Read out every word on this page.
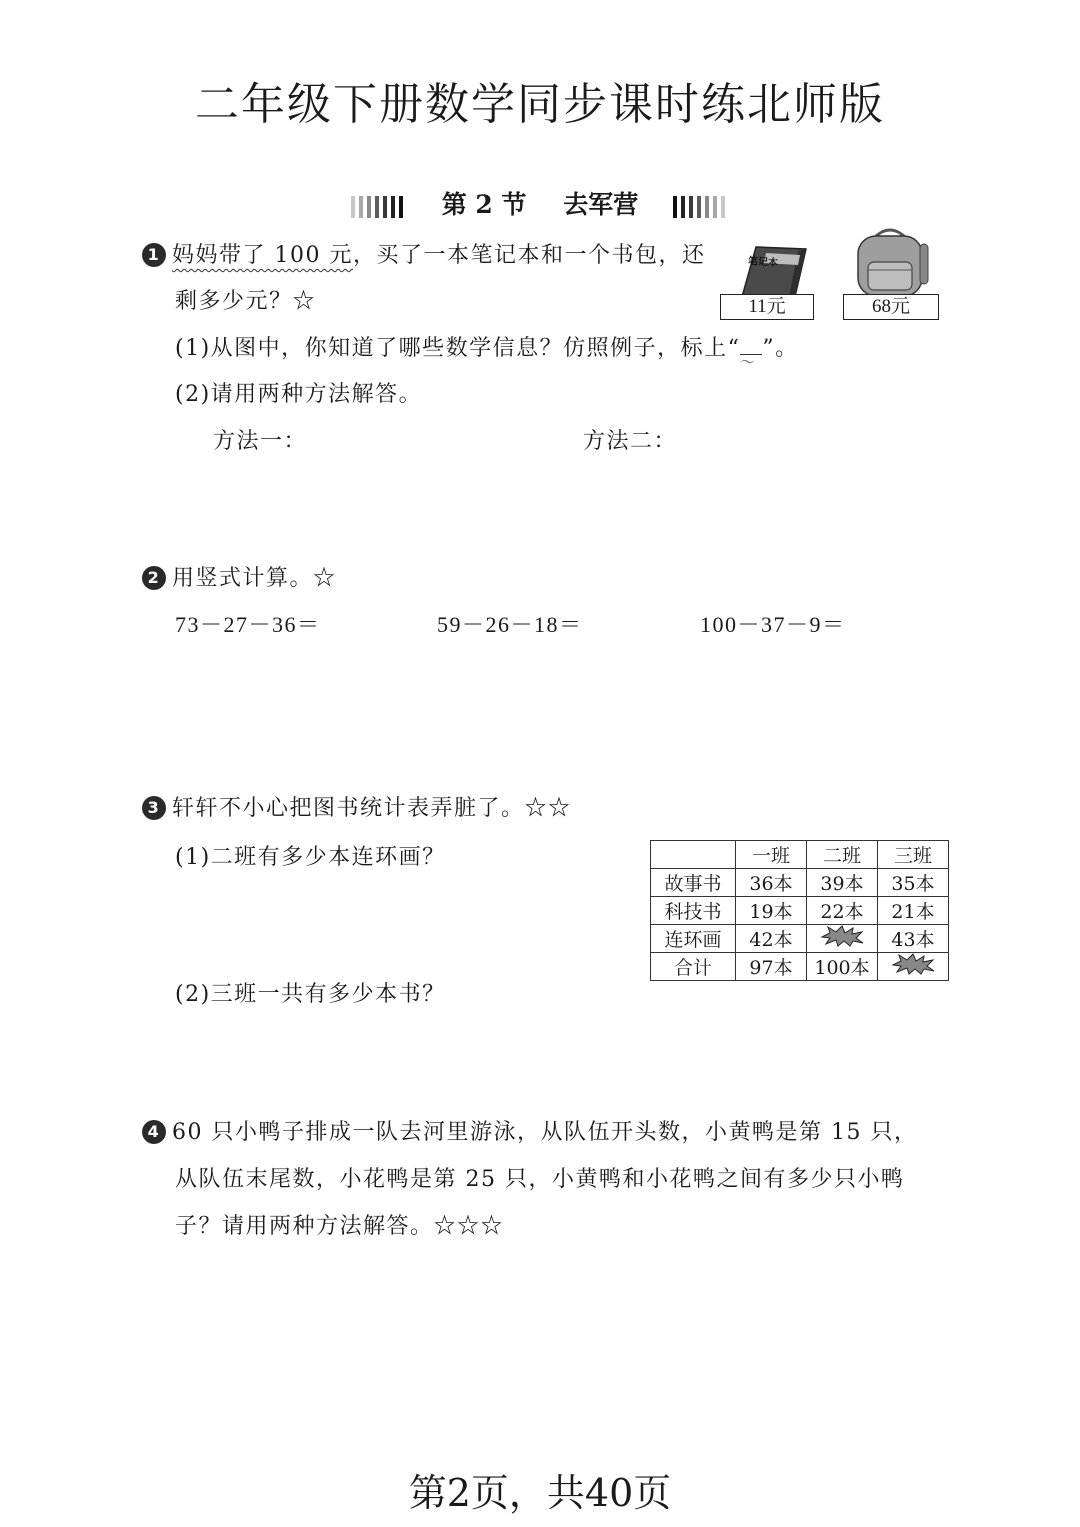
二年级下册数学同步课时练北师版
第 2 节 去军营
1 妈妈带了 100 元，买了一本笔记本和一个书包，还
剩多少元？☆
(1)从图中，你知道了哪些数学信息？仿照例子，标上“ ～ ”。
(2)请用两种方法解答。
方法一：	方法二：
笔记本
11元	68元
2 用竖式计算。☆
73－27－36＝	59－26－18＝	100－37－9＝
3 轩轩不小心把图书统计表弄脏了。☆☆
(1)二班有多少本连环画？
(2)三班一共有多少本书？
	一班	二班	三班
故事书	36本	39本	35本
科技书	19本	22本	21本
连环画	42本		43本
合计	97本	100本	
4 60 只小鸭子排成一队去河里游泳，从队伍开头数，小黄鸭是第 15 只，
从队伍末尾数，小花鸭是第 25 只，小黄鸭和小花鸭之间有多少只小鸭
子？请用两种方法解答。☆☆☆
第2页，共40页
